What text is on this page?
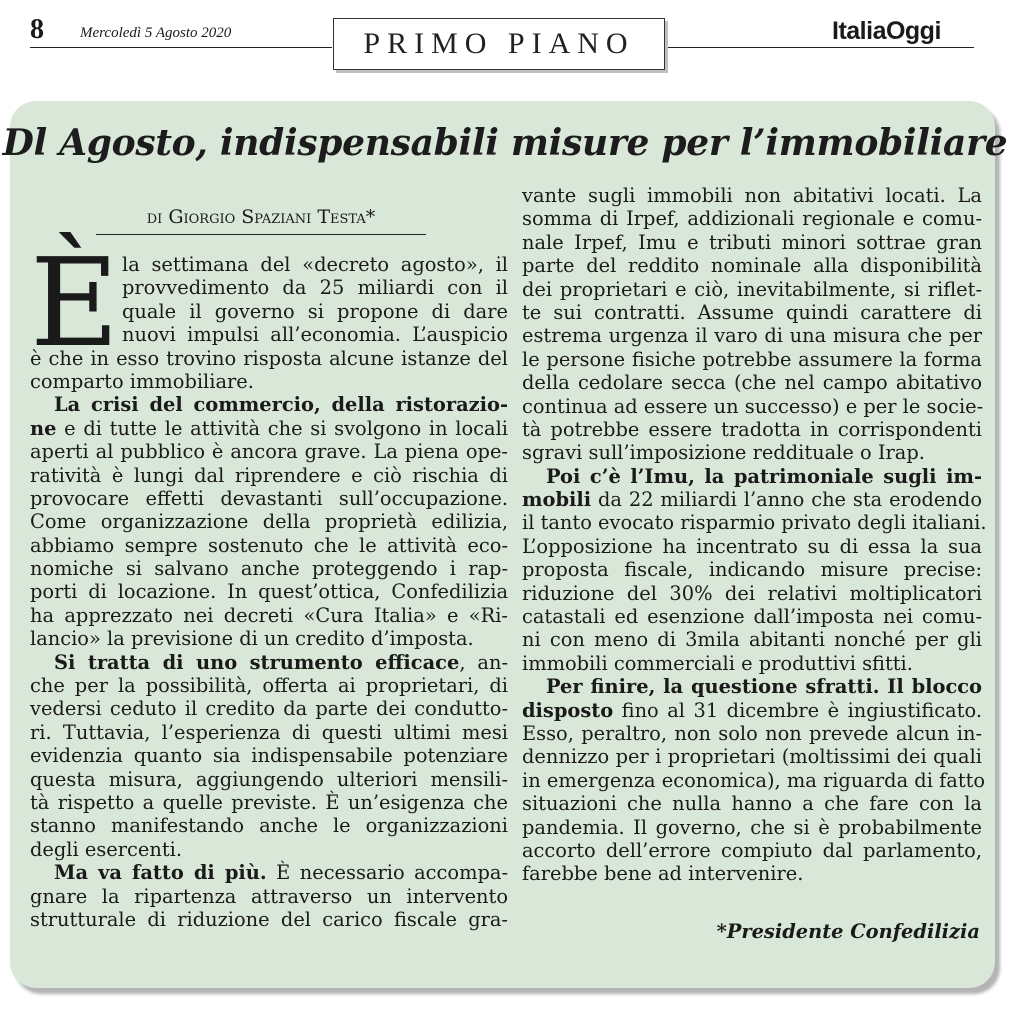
8 Mercoledì 5 Agosto 2020	PRIMO PIANO	ItaliaOggi
Dl Agosto, indispensabili misure per l’immobiliare
di Giorgio Spaziani Testa*
È la settimana del «decreto agosto», il
provvedimento da 25 miliardi con il
quale il governo si propone di dare
nuovi impulsi all’economia. L’auspicio
è che in esso trovino risposta alcune istanze del
comparto immobiliare.
La crisi del commercio, della ristorazio-
ne e di tutte le attività che si svolgono in locali
aperti al pubblico è ancora grave. La piena ope-
ratività è lungi dal riprendere e ciò rischia di
provocare effetti devastanti sull’occupazione.
Come organizzazione della proprietà edilizia,
abbiamo sempre sostenuto che le attività eco-
nomiche si salvano anche proteggendo i rap-
porti di locazione. In quest’ottica, Confedilizia
ha apprezzato nei decreti «Cura Italia» e «Ri-
lancio» la previsione di un credito d’imposta.
Si tratta di uno strumento efficace, an-
che per la possibilità, offerta ai proprietari, di
vedersi ceduto il credito da parte dei condutto-
ri. Tuttavia, l’esperienza di questi ultimi mesi
evidenzia quanto sia indispensabile potenziare
questa misura, aggiungendo ulteriori mensili-
tà rispetto a quelle previste. È un’esigenza che
stanno manifestando anche le organizzazioni
degli esercenti.
Ma va fatto di più. È necessario accompa-
gnare la ripartenza attraverso un intervento
strutturale di riduzione del carico fiscale gra-
vante sugli immobili non abitativi locati. La
somma di Irpef, addizionali regionale e comu-
nale Irpef, Imu e tributi minori sottrae gran
parte del reddito nominale alla disponibilità
dei proprietari e ciò, inevitabilmente, si riflet-
te sui contratti. Assume quindi carattere di
estrema urgenza il varo di una misura che per
le persone fisiche potrebbe assumere la forma
della cedolare secca (che nel campo abitativo
continua ad essere un successo) e per le socie-
tà potrebbe essere tradotta in corrispondenti
sgravi sull’imposizione reddituale o Irap.
Poi c’è l’Imu, la patrimoniale sugli im-
mobili da 22 miliardi l’anno che sta erodendo
il tanto evocato risparmio privato degli italiani.
L’opposizione ha incentrato su di essa la sua
proposta fiscale, indicando misure precise:
riduzione del 30% dei relativi moltiplicatori
catastali ed esenzione dall’imposta nei comu-
ni con meno di 3mila abitanti nonché per gli
immobili commerciali e produttivi sfitti.
Per finire, la questione sfratti. Il blocco
disposto fino al 31 dicembre è ingiustificato.
Esso, peraltro, non solo non prevede alcun in-
dennizzo per i proprietari (moltissimi dei quali
in emergenza economica), ma riguarda di fatto
situazioni che nulla hanno a che fare con la
pandemia. Il governo, che si è probabilmente
accorto dell’errore compiuto dal parlamento,
farebbe bene ad intervenire.
*Presidente Confedilizia
